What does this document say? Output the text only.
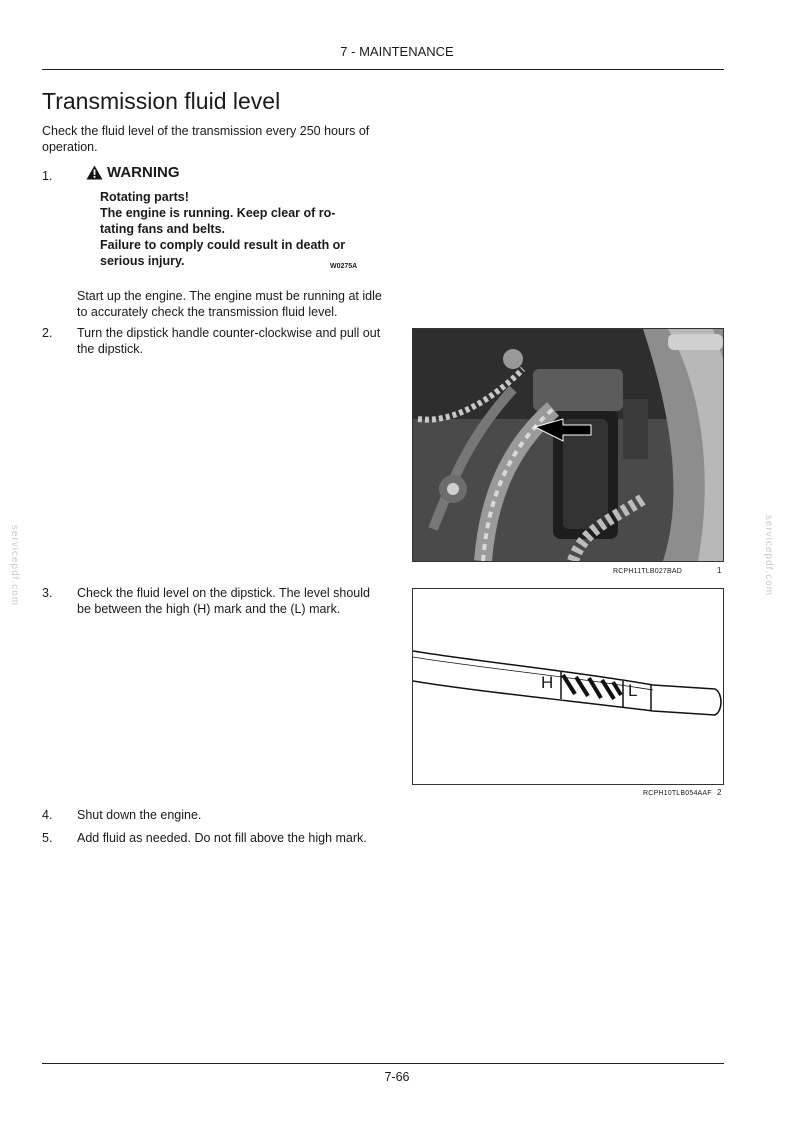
7 - MAINTENANCE
Transmission fluid level
Check the fluid level of the transmission every 250 hours of operation.
1.	WARNING
Rotating parts!
The engine is running. Keep clear of ro-
tating fans and belts.
Failure to comply could result in death or
serious injury.	W0275A
Start up the engine. The engine must be running at idle to accurately check the transmission fluid level.
2.	Turn the dipstick handle counter-clockwise and pull out the dipstick.
RCPH11TLB027BAD	1
3.	Check the fluid level on the dipstick. The level should be between the high (H) mark and the (L) mark.
H	L
RCPH10TLB054AAF 2
4.	Shut down the engine.
5.	Add fluid as needed. Do not fill above the high mark.
servicepdf.com	servicepdf.com
7-66
